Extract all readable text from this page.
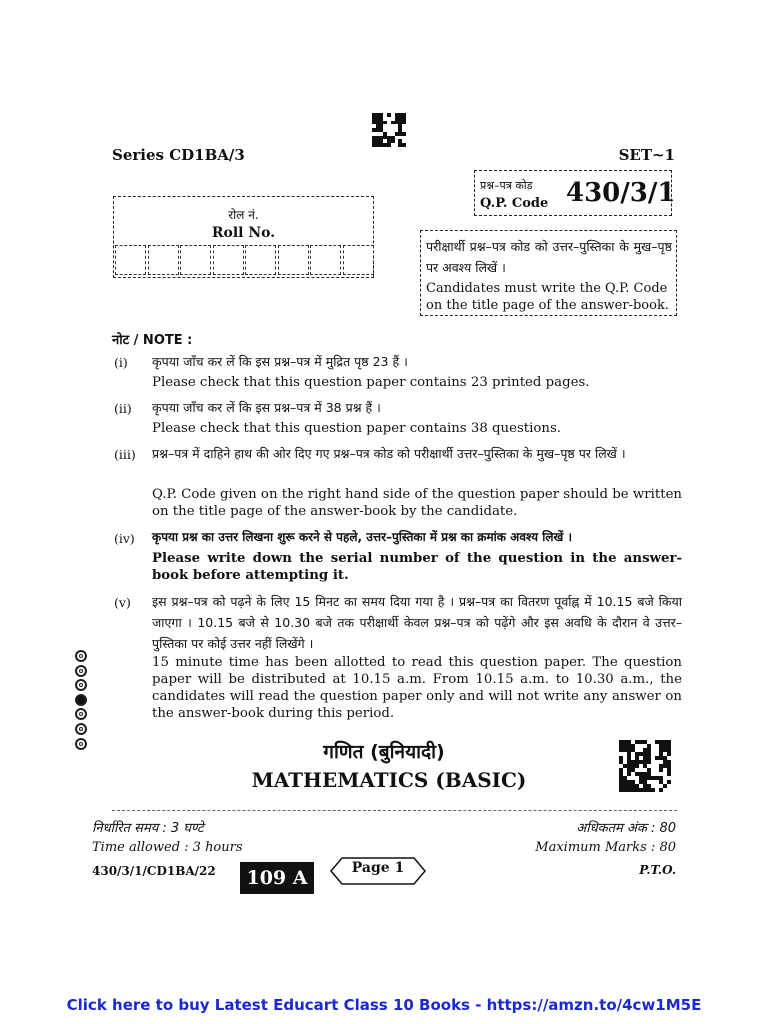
Series CD1BA/3	SET~1
प्रश्न–पत्र कोड
Q.P. Code 430/3/1
रोल नं.
Roll No.
परीक्षार्थी प्रश्न–पत्र कोड को उत्तर–पुस्तिका के मुख–पृष्ठ पर अवश्य लिखें ।
Candidates must write the Q.P. Code on the title page of the answer-book.
नोट / NOTE :
(i) कृपया जाँच कर लें कि इस प्रश्न–पत्र में मुद्रित पृष्ठ 23 हैं ।
Please check that this question paper contains 23 printed pages.
(ii) कृपया जाँच कर लें कि इस प्रश्न–पत्र में 38 प्रश्न हैं ।
Please check that this question paper contains 38 questions.
(iii) प्रश्न–पत्र में दाहिने हाथ की ओर दिए गए प्रश्न–पत्र कोड को परीक्षार्थी उत्तर–पुस्तिका के मुख–पृष्ठ पर लिखें ।
Q.P. Code given on the right hand side of the question paper should be written on the title page of the answer-book by the candidate.
(iv) कृपया प्रश्न का उत्तर लिखना शुरू करने से पहले, उत्तर–पुस्तिका में प्रश्न का क्रमांक अवश्य लिखें ।
Please write down the serial number of the question in the answer-book before attempting it.
(v) इस प्रश्न–पत्र को पढ़ने के लिए 15 मिनट का समय दिया गया है । प्रश्न–पत्र का वितरण पूर्वाह्न में 10.15 बजे किया जाएगा । 10.15 बजे से 10.30 बजे तक परीक्षार्थी केवल प्रश्न–पत्र को पढ़ेंगे और इस अवधि के दौरान वे उत्तर–पुस्तिका पर कोई उत्तर नहीं लिखेंगे ।
15 minute time has been allotted to read this question paper. The question paper will be distributed at 10.15 a.m. From 10.15 a.m. to 10.30 a.m., the candidates will read the question paper only and will not write any answer on the answer-book during this period.
गणित (बुनियादी)
MATHEMATICS (BASIC)
निर्धारित समय : 3 घण्टे
Time allowed : 3 hours
अधिकतम अंक : 80
Maximum Marks : 80
430/3/1/CD1BA/22	109 A	Page 1	P.T.O.
Click here to buy Latest Educart Class 10 Books - https://amzn.to/4cw1M5E
